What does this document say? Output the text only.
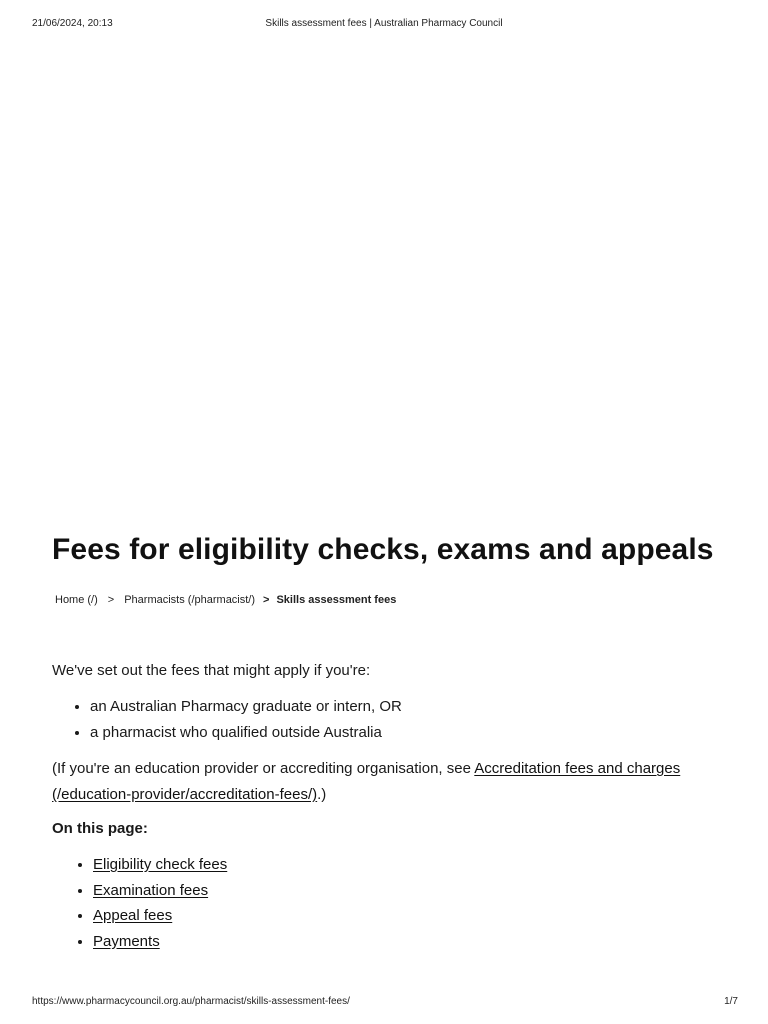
21/06/2024, 20:13	Skills assessment fees | Australian Pharmacy Council
Fees for eligibility checks, exams and appeals
Home (/) > Pharmacists (/pharmacist/) > Skills assessment fees

We've set out the fees that might apply if you're:

• an Australian Pharmacy graduate or intern, OR
• a pharmacist who qualified outside Australia

(If you're an education provider or accrediting organisation, see Accreditation fees and charges (/education-provider/accreditation-fees/).)

On this page:

• Eligibility check fees
• Examination fees
• Appeal fees
• Payments
https://www.pharmacycouncil.org.au/pharmacist/skills-assessment-fees/	1/7
